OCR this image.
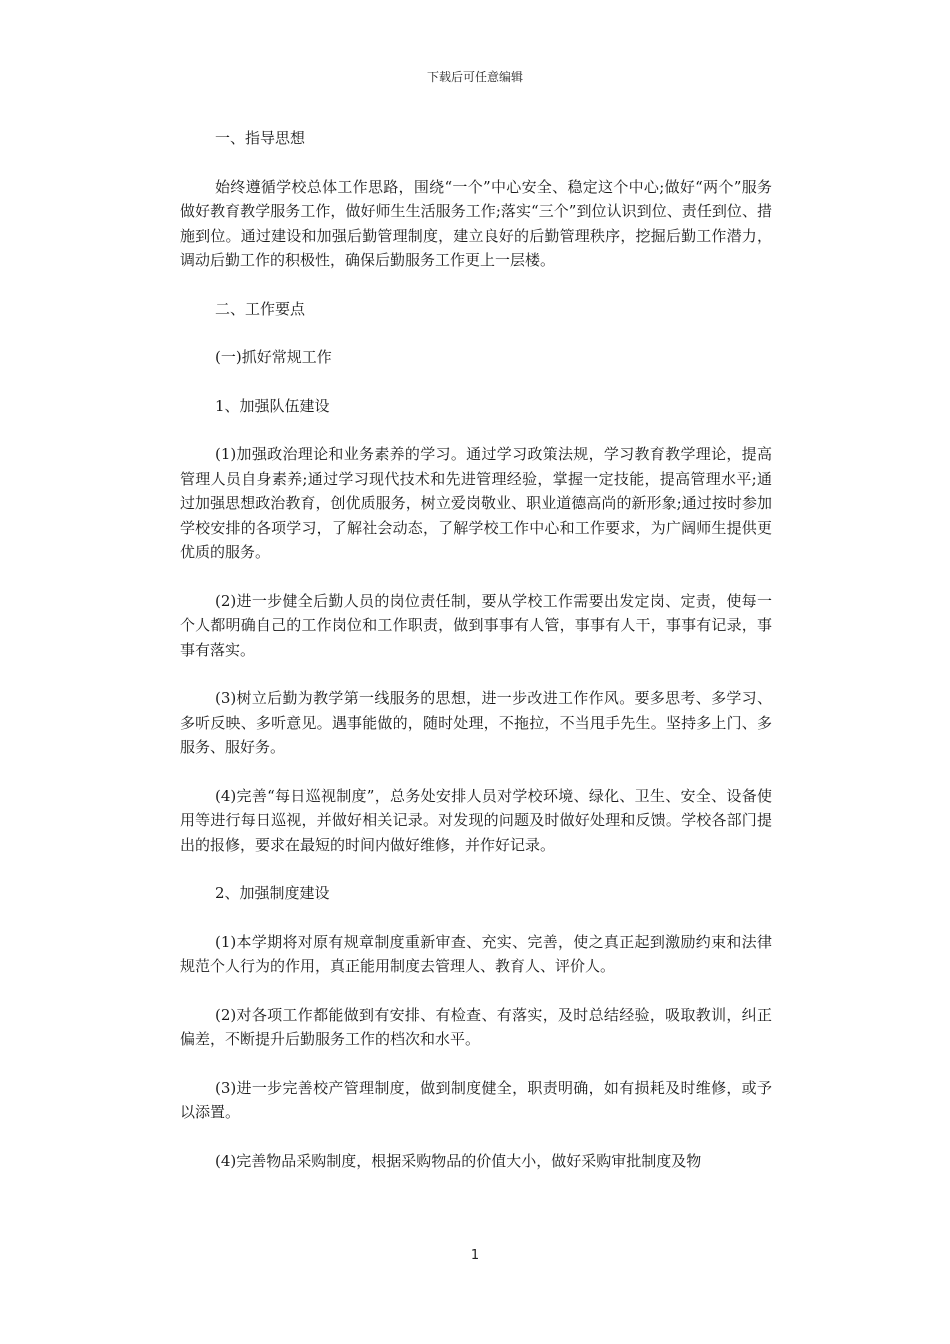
下载后可任意编辑

一、指导思想

始终遵循学校总体工作思路，围绕“一个”中心安全、稳定这个中心;做好“两个”服务做好教育教学服务工作，做好师生生活服务工作;落实“三个”到位认识到位、责任到位、措施到位。通过建设和加强后勤管理制度，建立良好的后勤管理秩序，挖掘后勤工作潜力，调动后勤工作的积极性，确保后勤服务工作更上一层楼。

二、工作要点

(一)抓好常规工作

1、加强队伍建设

(1)加强政治理论和业务素养的学习。通过学习政策法规，学习教育教学理论，提高管理人员自身素养;通过学习现代技术和先进管理经验，掌握一定技能，提高管理水平;通过加强思想政治教育，创优质服务，树立爱岗敬业、职业道德高尚的新形象;通过按时参加学校安排的各项学习，了解社会动态，了解学校工作中心和工作要求，为广阔师生提供更优质的服务。

(2)进一步健全后勤人员的岗位责任制，要从学校工作需要出发定岗、定责，使每一个人都明确自己的工作岗位和工作职责，做到事事有人管，事事有人干，事事有记录，事事有落实。

(3)树立后勤为教学第一线服务的思想，进一步改进工作作风。要多思考、多学习、多听反映、多听意见。遇事能做的，随时处理，不拖拉，不当甩手先生。坚持多上门、多服务、服好务。

(4)完善“每日巡视制度”，总务处安排人员对学校环境、绿化、卫生、安全、设备使用等进行每日巡视，并做好相关记录。对发现的问题及时做好处理和反馈。学校各部门提出的报修，要求在最短的时间内做好维修，并作好记录。

2、加强制度建设

(1)本学期将对原有规章制度重新审查、充实、完善，使之真正起到激励约束和法律规范个人行为的作用，真正能用制度去管理人、教育人、评价人。

(2)对各项工作都能做到有安排、有检查、有落实，及时总结经验，吸取教训，纠正偏差，不断提升后勤服务工作的档次和水平。

(3)进一步完善校产管理制度，做到制度健全，职责明确，如有损耗及时维修，或予以添置。

(4)完善物品采购制度，根据采购物品的价值大小，做好采购审批制度及物

1
